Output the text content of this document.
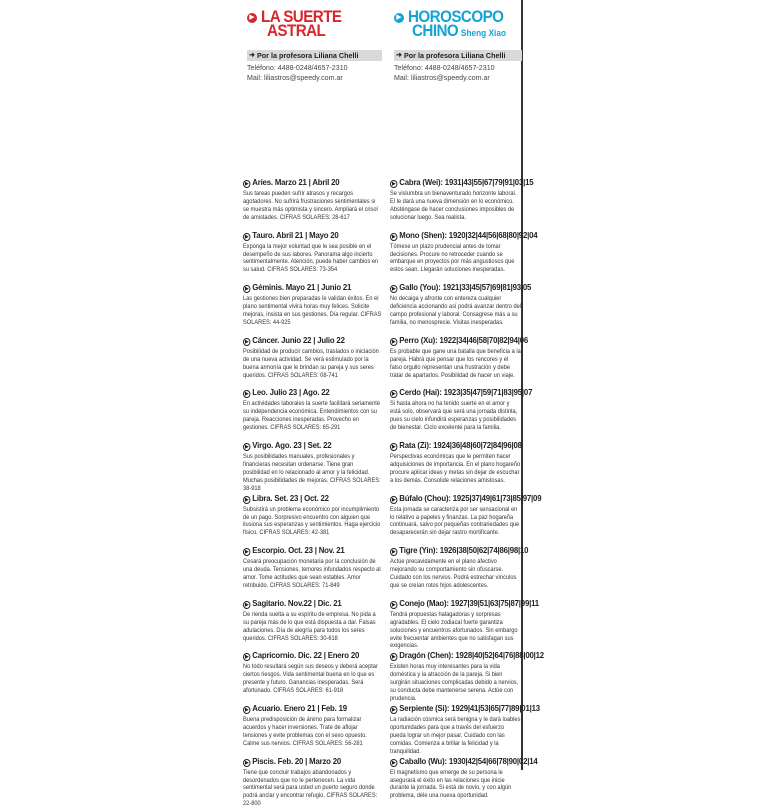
▶ LA SUERTE
ASTRAL
➜ Por la profesora Liliana Chelli
Teléfono: 4488-0248/4657-2310
Mail: liliastros@speedy.com.ar
▶ Aries. Marzo 21 | Abril 20
Sus tareas pueden sufrir atrasos y recargos agotadores. No sufrirá frustraciones sentimentales si se muestra más optimista y sincero. Ampliará el crisol de amistades. CIFRAS SOLARES: 28-617
▶ Tauro. Abril 21 | Mayo 20
Exponga la mejor voluntad que le sea posible en el desempeño de sus labores. Panorama algo incierto sentimentalmente. Atención, puede haber cambios en su salud. CIFRAS SOLARES: 73-354
▶ Géminis. Mayo 21 | Junio 21
Las gestiones bien preparadas le validan éxitos. En el plano sentimental vivirá horas muy felices. Solicite mejoras, insista en sus gestiones. Día regular. CIFRAS SOLARES: 44-925
▶ Cáncer. Junio 22 | Julio 22
Posibilidad de producir cambios, traslados o iniciación de una nueva actividad. Se verá estimulado por la buena armonía que le brindan su pareja y sus seres queridos. CIFRAS SOLARES: 08-741
▶ Leo. Julio 23 | Ago. 22
En actividades laborales la suerte facilitará seriamente su independencia económica. Entendimientos con su pareja. Reacciones inesperadas. Provecho en gestiones. CIFRAS SOLARES: 65-291
▶ Virgo. Ago. 23 | Set. 22
Sus posibilidades manuales, profesionales y financieras necesitan ordenarse. Tiene gran posibilidad en lo relacionado al amor y la felicidad. Muchas posibilidades de mejoras. CIFRAS SOLARES: 38-918
▶ Libra. Set. 23 | Oct. 22
Subsistirá un problema económico por incumplimiento de un pago. Sorpresivo encuentro con alguien que ilusiona sus esperanzas y sentimientos. Haga ejercicio físico. CIFRAS SOLARES: 42-381
▶ Escorpio. Oct. 23 | Nov. 21
Cesará preocupación monetaria por la conclusión de una deuda. Tensiones, temores infundados respecto al amor. Tome actitudes que sean estables. Amor retribuido. CIFRAS SOLARES: 71-849
▶ Sagitario. Nov.22 | Dic. 21
De rienda suelta a su espíritu de empresa. No pida a su pareja más de lo que está dispuesta a dar. Falsas adulaciones. Día de alegría para todos los seres queridos. CIFRAS SOLARES: 30-618
▶ Capricornio. Dic. 22 | Enero 20
No todo resultará según sus deseos y deberá aceptar ciertos riesgos. Vida sentimental buena en lo que es presente y futuro. Ganancias inesperadas. Será afortunado. CIFRAS SOLARES: 61-918
▶ Acuario. Enero 21 | Feb. 19
Buena predisposición de ánimo para formalizar acuerdos y hacer inversiones. Trate de aflojar tensiones y evite problemas con el sexo opuesto. Calme sus nervios. CIFRAS SOLARES: 56-281
▶ Piscis. Feb. 20 | Marzo 20
Tiene que concluir trabajos abandonados y desordenados que no le pertenecen. La vida sentimental será para usted un puerto seguro donde podrá anclar y encontrar refugio. CIFRAS SOLARES: 22-800
▶ HOROSCOPO
CHINO Sheng Xiao
➜ Por la profesora Liliana Chelli
Teléfono: 4488-0248/4657-2310
Mail: liliastros@speedy.com.ar
▶ Cabra (Wei): 1931|43|55|67|79|91|03|15
Se vislumbra un bienaventurado horizonte laboral. El le dará una nueva dimensión en lo económico. Absténgase de hacer conclusiones imposibles de solucionar luego. Sea realista.
▶ Mono (Shen): 1920|32|44|56|68|80|92|04
Tómese un plazo prudencial antes de tomar decisiones. Procure no retroceder cuando se embarque en proyectos por más angustiosos que estos sean. Llegarán soluciones inesperadas.
▶ Gallo (You): 1921|33|45|57|69|81|93|05
No decaiga y afronte con entereza cualquier deficiencia accionando así podrá avanzar dentro del campo profesional y laboral. Consagrese más a su familia, no menosprecie. Visitas inesperadas.
▶ Perro (Xu): 1922|34|46|58|70|82|94|06
Es probable que gane una batalla que beneficia a la pareja. Habrá que pensar que los rencores y el falso orgullo representan una frustración y debe tratar de apartarlos. Posibilidad de hacer un viaje.
▶ Cerdo (Hai): 1923|35|47|59|71|83|95|07
Si hasta ahora no ha tenido suerte en el amor y está solo, observará que será una jornada distinta, pues su cielo infundirá esperanzas y posibilidades de bienestar. Ciclo excelente para la familia.
▶ Rata (Zi): 1924|36|48|60|72|84|96|08
Perspectivas económicas que le permiten hacer adquisiciones de importancia. En el plano hogareño procure aplicar ideas y metas sin dejar de escuchar a los demás. Consolide relaciones amistosas.
▶ Búfalo (Chou): 1925|37|49|61|73|85|97|09
Esta jornada se caracteriza por ser sensacional en lo relativo a papeles y finanzas. La paz hogareña continuará, salvo por pequeñas contrariedades que desaparecerán sin dejar rastro mortificante.
▶ Tigre (Yin): 1926|38|50|62|74|86|98|10
Actúe precavidamente en el plano afectivo mejorando su comportamiento sin ofuscarse. Cuidado con los nervios. Podrá estrechar vínculos que se creían rotos hijos adolescentes.
▶ Conejo (Mao): 1927|39|51|63|75|87|99|11
Tendrá propuestas halagadoras y sorpresas agradables. El cielo zodiacal fuerte garantiza soluciones y encuentros afortunados. Sin embargo evite frecuentar ambientes que no satisfagan sus exigencias.
▶ Dragón (Chen): 1928|40|52|64|76|88|00|12
Existen horas muy interesantes para la vida doméstica y la atracción de la pareja. Si bien surgirán situaciones complicadas debido a nervios, su conducta debe mantenerse serena. Actúe con prudencia.
▶ Serpiente (Si): 1929|41|53|65|77|89|01|13
La radiación cósmica será benigna y le dará loables oportunidades para que a través del esfuerzo pueda lograr un mejor pasar. Cuidado con las comidas. Comienza a brillar la felicidad y la tranquilidad.
▶ Caballo (Wu): 1930|42|54|66|78|90|02|14
El magnetismo que emerge de su persona le asegurará el éxito en las relaciones que inicie durante la jornada. Si está de novio, y con algún problema, déle una nueva oportunidad.
